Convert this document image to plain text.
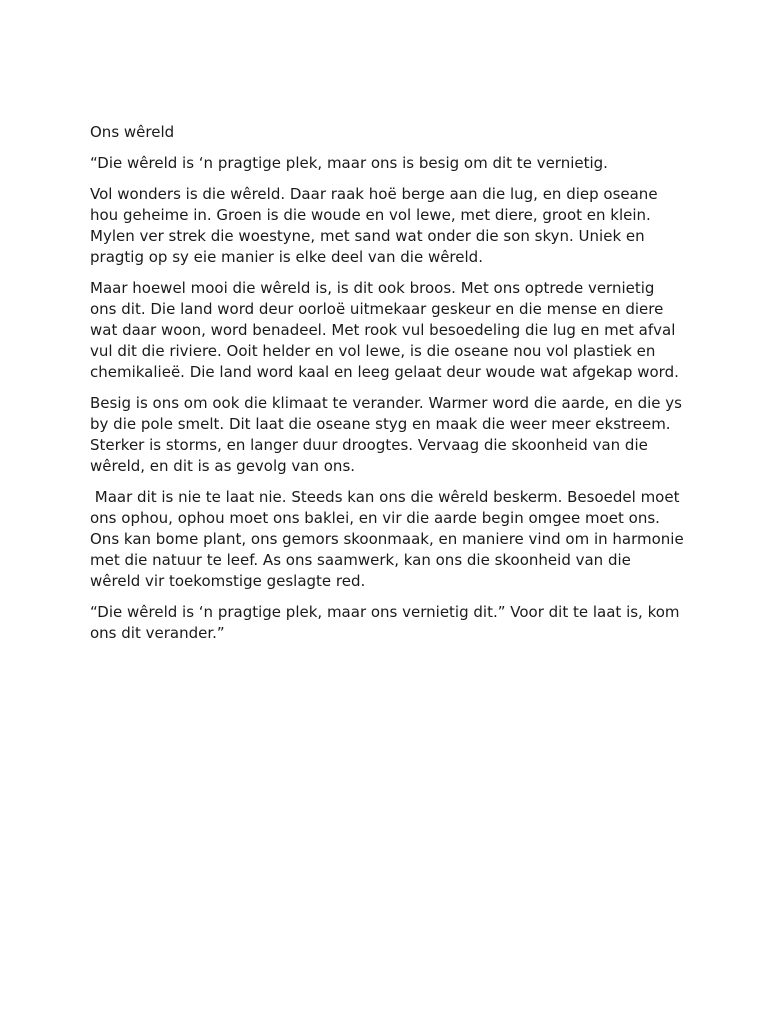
Ons wêreld

“Die wêreld is ‘n pragtige plek, maar ons is besig om dit te vernietig.

Vol wonders is die wêreld. Daar raak hoë berge aan die lug, en diep oseane hou geheime in. Groen is die woude en vol lewe, met diere, groot en klein. Mylen ver strek die woestyne, met sand wat onder die son skyn. Uniek en pragtig op sy eie manier is elke deel van die wêreld.

Maar hoewel mooi die wêreld is, is dit ook broos. Met ons optrede vernietig ons dit. Die land word deur oorloë uitmekaar geskeur en die mense en diere wat daar woon, word benadeel. Met rook vul besoedeling die lug en met afval vul dit die riviere. Ooit helder en vol lewe, is die oseane nou vol plastiek en chemikalieë. Die land word kaal en leeg gelaat deur woude wat afgekap word.

Besig is ons om ook die klimaat te verander. Warmer word die aarde, en die ys by die pole smelt. Dit laat die oseane styg en maak die weer meer ekstreem. Sterker is storms, en langer duur droogtes. Vervaag die skoonheid van die wêreld, en dit is as gevolg van ons.

Maar dit is nie te laat nie. Steeds kan ons die wêreld beskerm. Besoedel moet ons ophou, ophou moet ons baklei, en vir die aarde begin omgee moet ons. Ons kan bome plant, ons gemors skoonmaak, en maniere vind om in harmonie met die natuur te leef. As ons saamwerk, kan ons die skoonheid van die wêreld vir toekomstige geslagte red.

“Die wêreld is ‘n pragtige plek, maar ons vernietig dit.” Voor dit te laat is, kom ons dit verander.”
